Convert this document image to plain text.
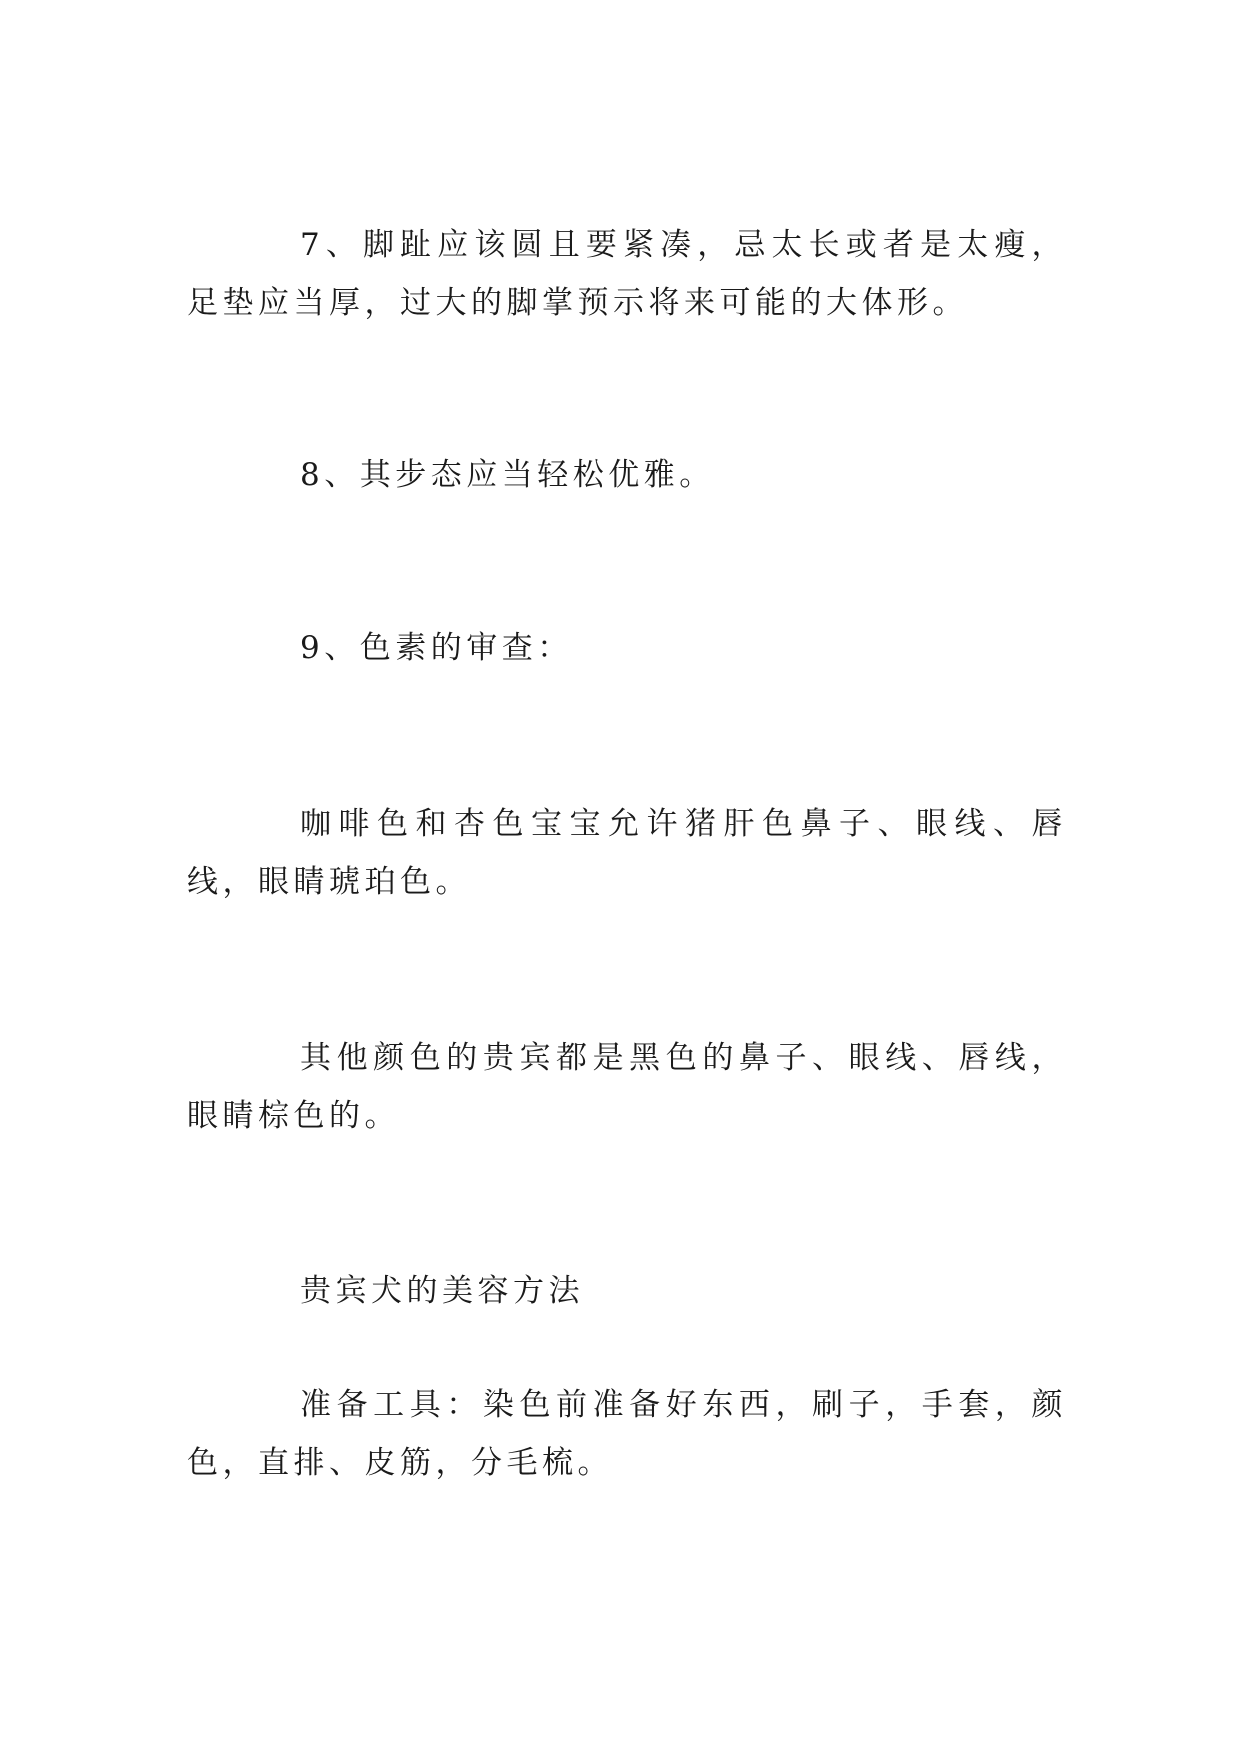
7、脚趾应该圆且要紧凑，忌太长或者是太瘦，足垫应当厚，过大的脚掌预示将来可能的大体形。

8、其步态应当轻松优雅。

9、色素的审查：

咖啡色和杏色宝宝允许猪肝色鼻子、眼线、唇线，眼睛琥珀色。

其他颜色的贵宾都是黑色的鼻子、眼线、唇线，眼睛棕色的。

贵宾犬的美容方法

准备工具：染色前准备好东西，刷子，手套，颜色，直排、皮筋，分毛梳。
